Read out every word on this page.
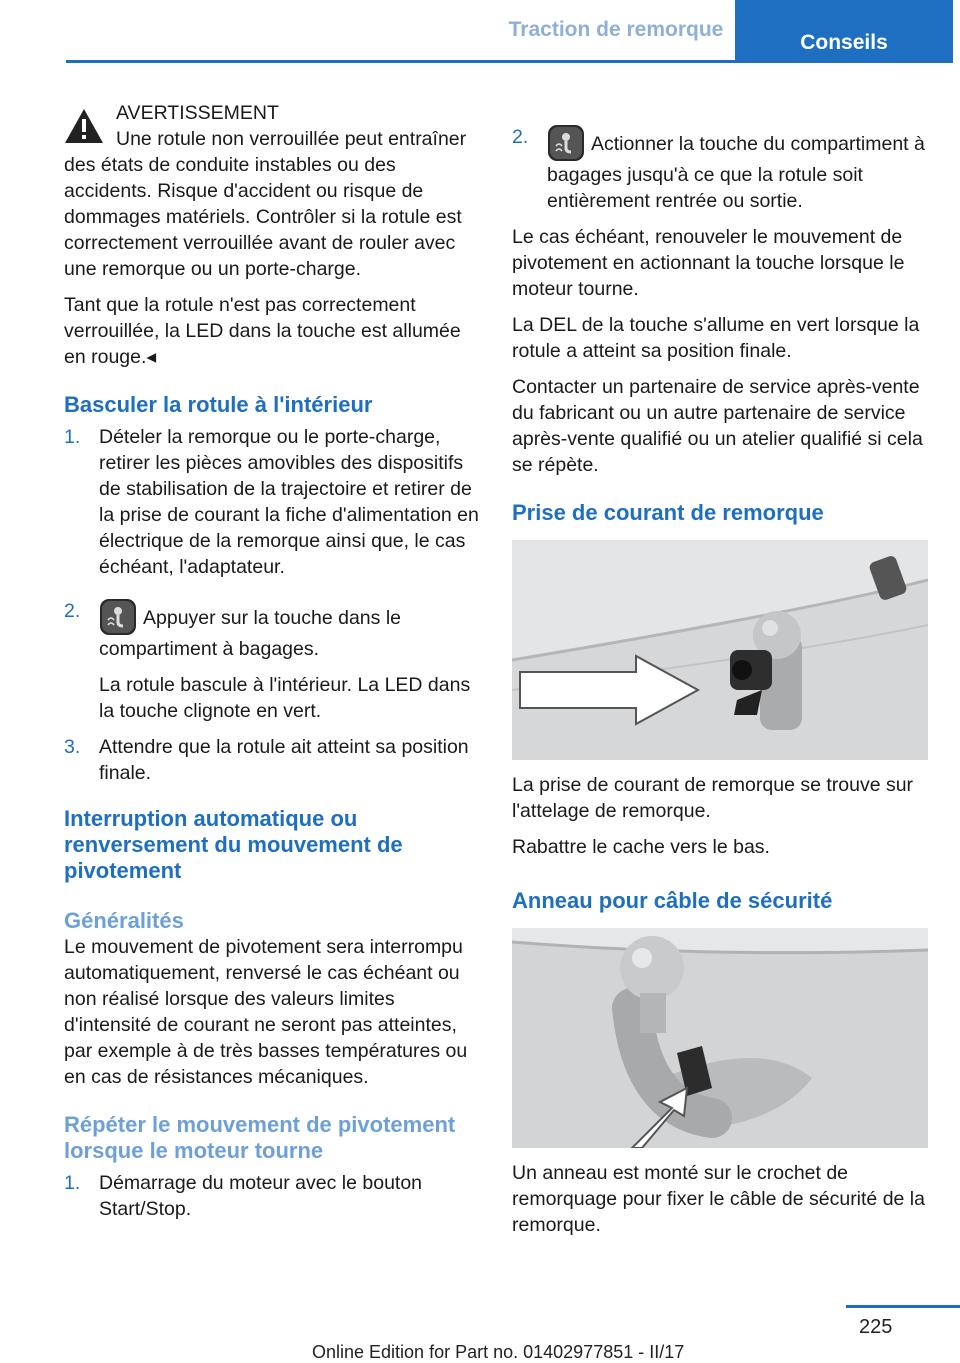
Traction de remorque
Conseils
AVERTISSEMENT
Une rotule non verrouillée peut entraîner

des états de conduite instables ou des accidents. Risque d'accident ou risque de dommages matériels. Contrôler si la rotule est correctement verrouillée avant de rouler avec une remorque ou un porte-charge.

Tant que la rotule n'est pas correctement verrouillée, la LED dans la touche est allumée en rouge.◂

Basculer la rotule à l'intérieur
1. Dételer la remorque ou le porte-charge, retirer les pièces amovibles des dispositifs de stabilisation de la trajectoire et retirer de la prise de courant la fiche d'alimentation en électrique de la remorque ainsi que, le cas échéant, l'adaptateur.
2.	Appuyer sur la touche dans le compartiment à bagages.
La rotule bascule à l'intérieur. La LED dans la touche clignote en vert.
3. Attendre que la rotule ait atteint sa position finale.
Interruption automatique ou renversement du mouvement de pivotement
Généralités

Le mouvement de pivotement sera interrompu automatiquement, renversé le cas échéant ou non réalisé lorsque des valeurs limites d'intensité de courant ne seront pas atteintes, par exemple à de très basses températures ou en cas de résistances mécaniques.

Répéter le mouvement de pivotement lorsque le moteur tourne
1. Démarrage du moteur avec le bouton Start/Stop.
2.	Actionner la touche du compartiment à bagages jusqu'à ce que la rotule soit entièrement rentrée ou sortie.

Le cas échéant, renouveler le mouvement de pivotement en actionnant la touche lorsque le moteur tourne.

La DEL de la touche s'allume en vert lorsque la rotule a atteint sa position finale.

Contacter un partenaire de service après-vente du fabricant ou un autre partenaire de service après-vente qualifié ou un atelier qualifié si cela se répète.

Prise de courant de remorque

La prise de courant de remorque se trouve sur l'attelage de remorque.

Rabattre le cache vers le bas.

Anneau pour câble de sécurité

Un anneau est monté sur le crochet de remorquage pour fixer le câble de sécurité de la remorque.

225
Online Edition for Part no. 01402977851 - II/17
